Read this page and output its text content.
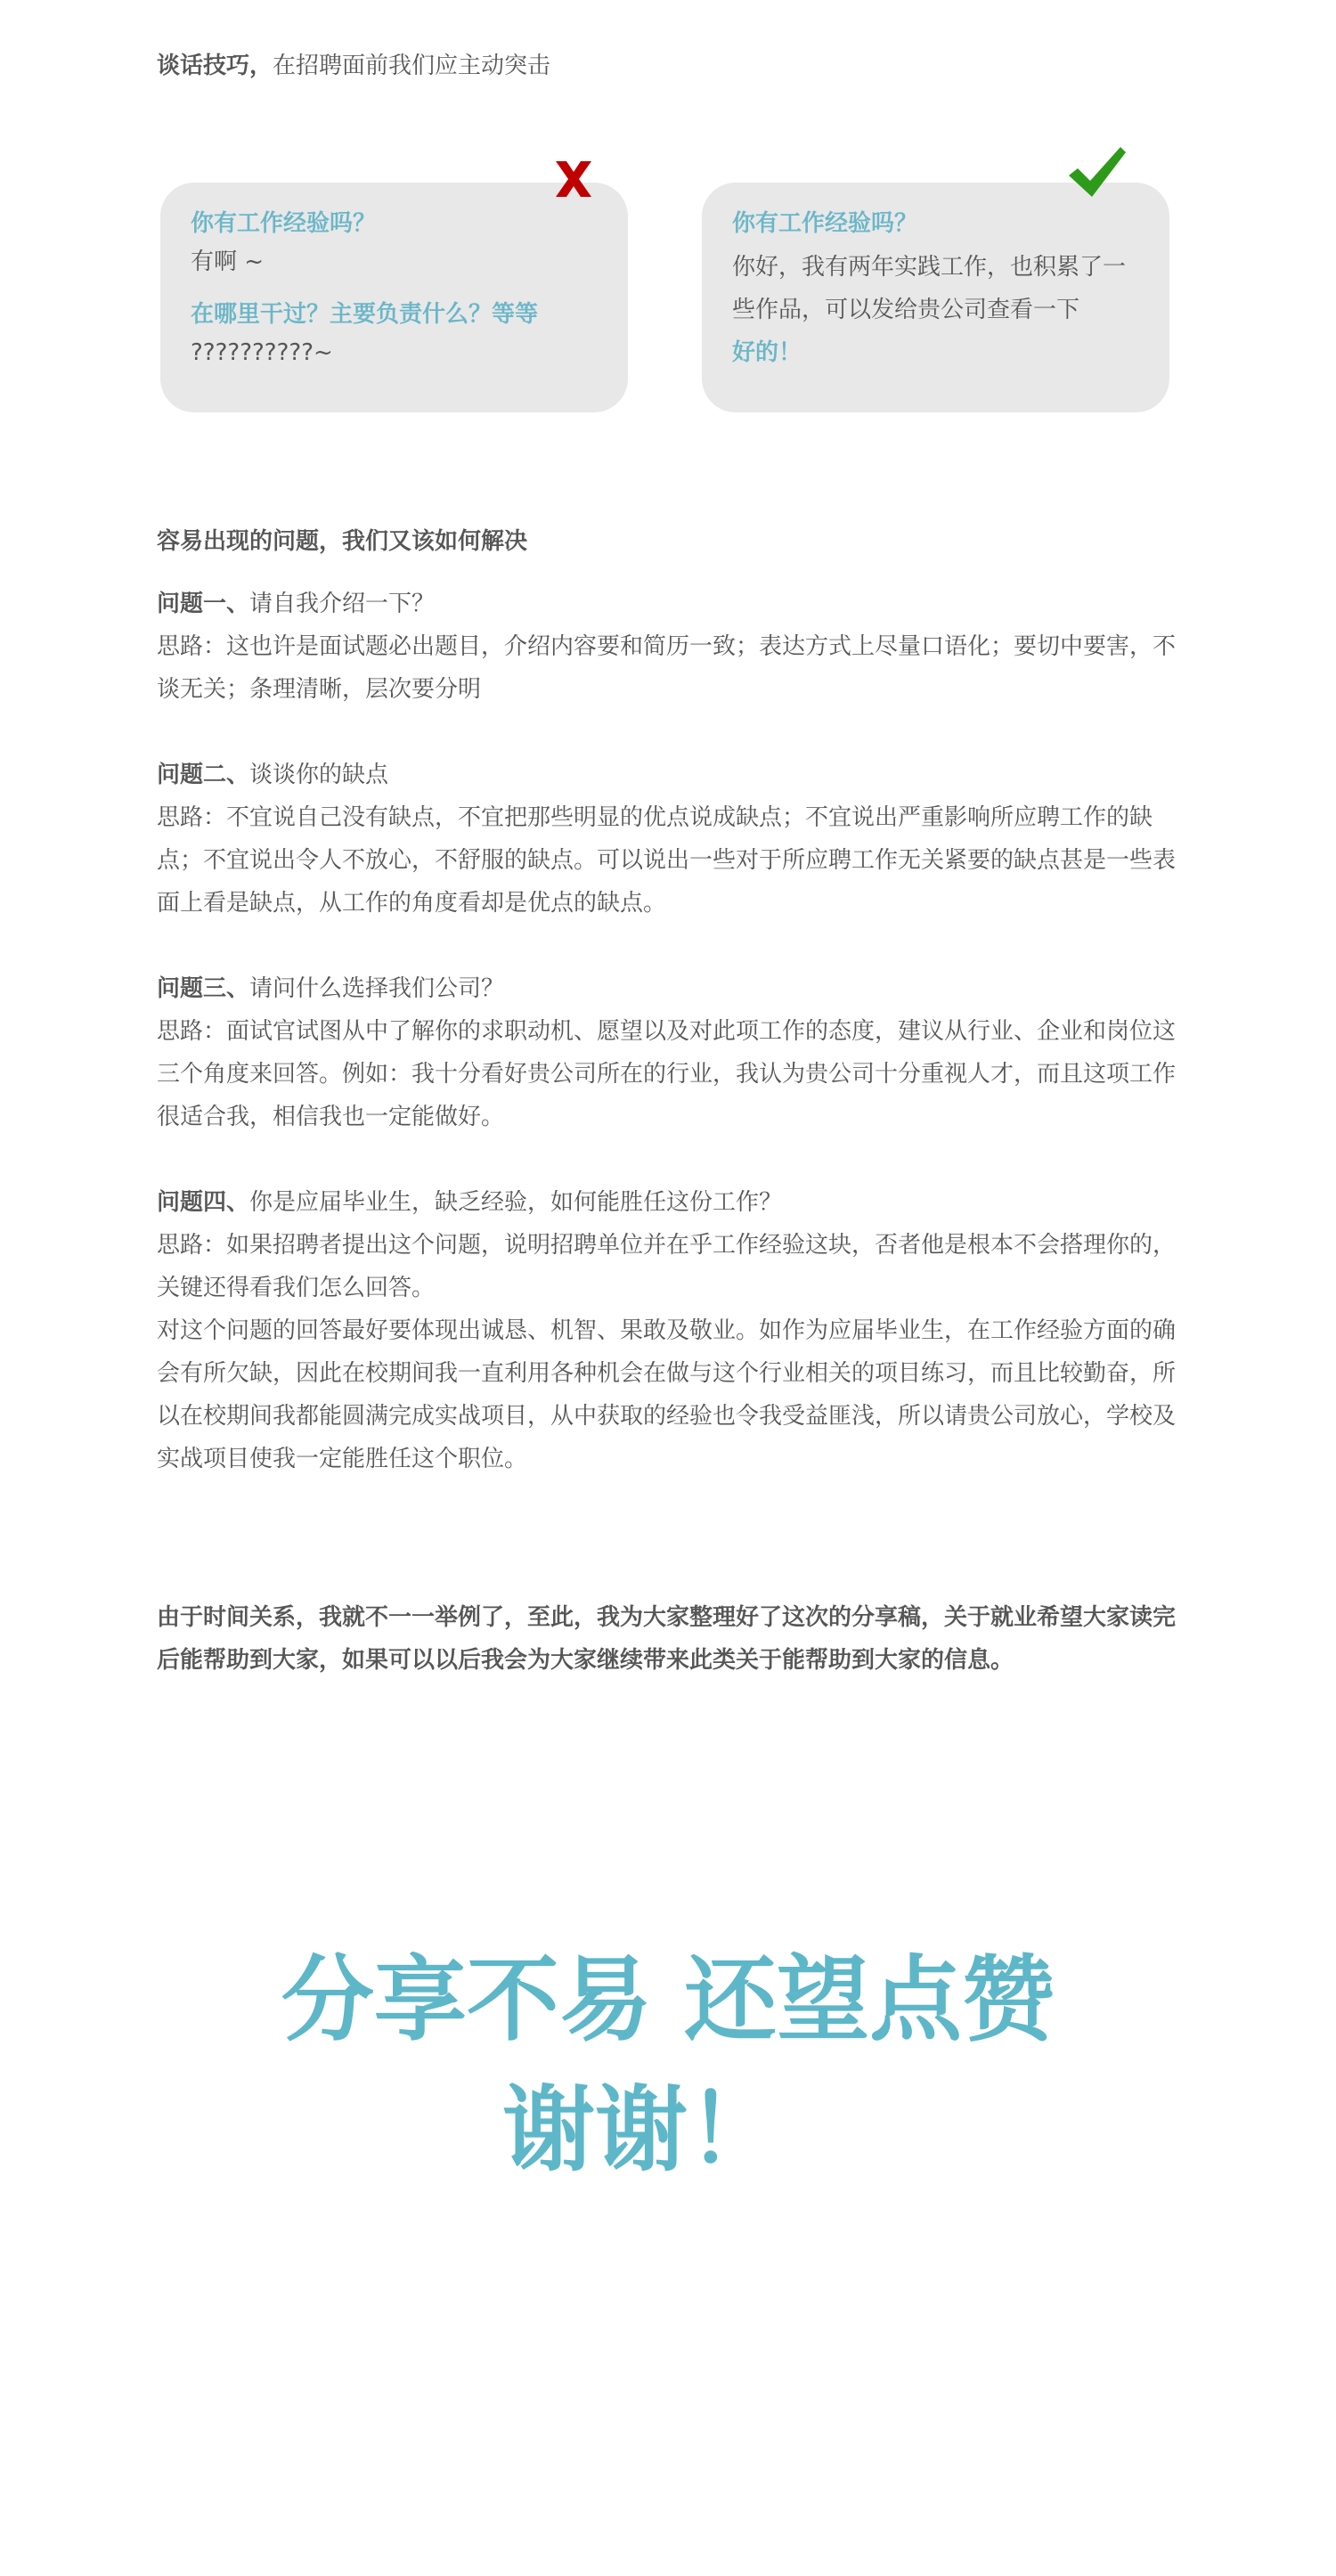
谈话技巧，在招聘面前我们应主动突击
你有工作经验吗？
有啊 ~
在哪里干过？主要负责什么？等等
??????????~
你有工作经验吗？
你好，我有两年实践工作，也积累了一些作品，可以发给贵公司查看一下
好的！
容易出现的问题，我们又该如何解决

问题一、请自我介绍一下？

思路：这也许是面试题必出题目，介绍内容要和简历一致；表达方式上尽量口语化；要切中要害，不谈无关；条理清晰，层次要分明

问题二、谈谈你的缺点

思路：不宜说自己没有缺点，不宜把那些明显的优点说成缺点；不宜说出严重影响所应聘工作的缺点；不宜说出令人不放心，不舒服的缺点。可以说出一些对于所应聘工作无关紧要的缺点甚是一些表面上看是缺点，从工作的角度看却是优点的缺点。

问题三、请问什么选择我们公司？

思路：面试官试图从中了解你的求职动机、愿望以及对此项工作的态度，建议从行业、企业和岗位这三个角度来回答。例如：我十分看好贵公司所在的行业，我认为贵公司十分重视人才，而且这项工作很适合我，相信我也一定能做好。

问题四、你是应届毕业生，缺乏经验，如何能胜任这份工作？

思路：如果招聘者提出这个问题，说明招聘单位并在乎工作经验这块，否者他是根本不会搭理你的，关键还得看我们怎么回答。

对这个问题的回答最好要体现出诚恳、机智、果敢及敬业。如作为应届毕业生，在工作经验方面的确会有所欠缺，因此在校期间我一直利用各种机会在做与这个行业相关的项目练习，而且比较勤奋，所以在校期间我都能圆满完成实战项目，从中获取的经验也令我受益匪浅，所以请贵公司放心，学校及实战项目使我一定能胜任这个职位。

由于时间关系，我就不一一举例了，至此，我为大家整理好了这次的分享稿，关于就业希望大家读完后能帮助到大家，如果可以以后我会为大家继续带来此类关于能帮助到大家的信息。
分享不易 还望点赞
谢谢！
